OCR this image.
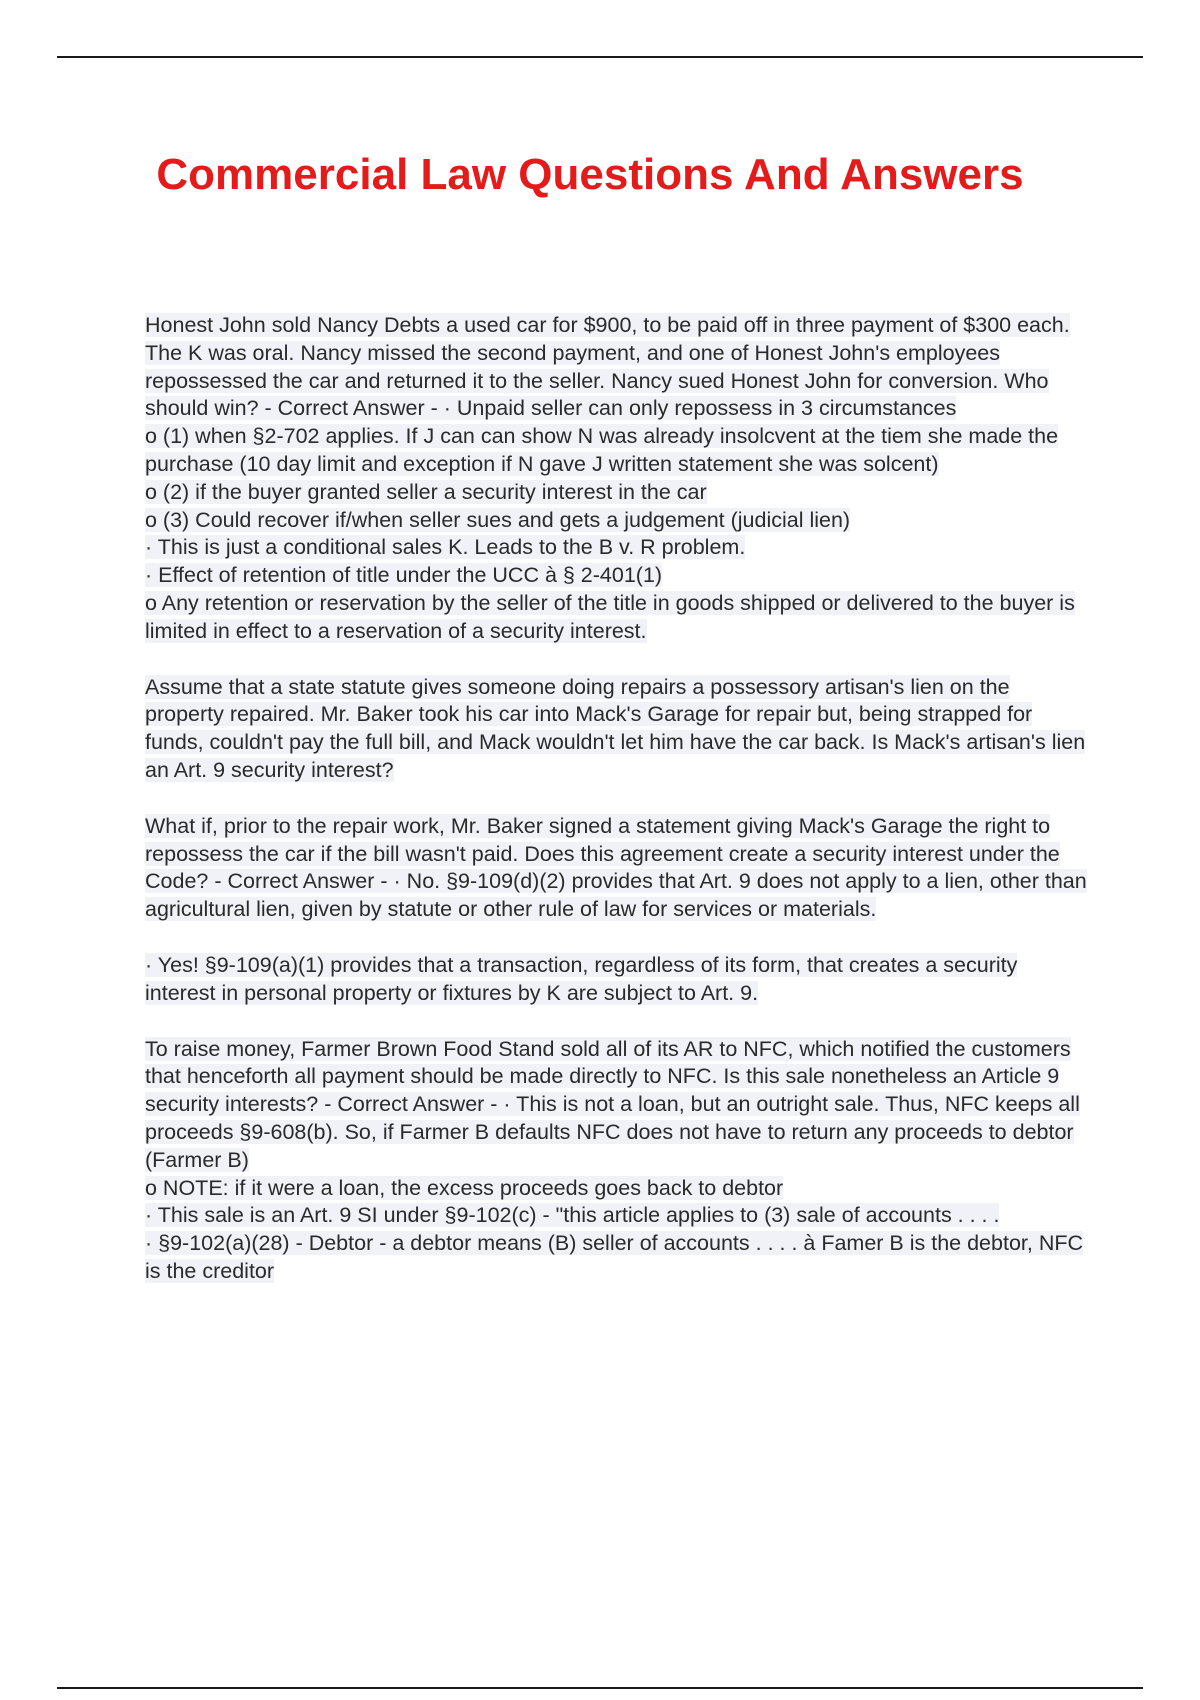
Commercial Law Questions And Answers
Honest John sold Nancy Debts a used car for $900, to be paid off in three payment of $300 each. The K was oral. Nancy missed the second payment, and one of Honest John's employees repossessed the car and returned it to the seller. Nancy sued Honest John for conversion. Who should win? - Correct Answer - · Unpaid seller can only repossess in 3 circumstances
o (1) when §2-702 applies. If J can can show N was already insolcvent at the tiem she made the purchase (10 day limit and exception if N gave J written statement she was solcent)
o (2) if the buyer granted seller a security interest in the car
o (3) Could recover if/when seller sues and gets a judgement (judicial lien)
· This is just a conditional sales K. Leads to the B v. R problem.
· Effect of retention of title under the UCC à § 2-401(1)
o Any retention or reservation by the seller of the title in goods shipped or delivered to the buyer is limited in effect to a reservation of a security interest.
Assume that a state statute gives someone doing repairs a possessory artisan's lien on the property repaired. Mr. Baker took his car into Mack's Garage for repair but, being strapped for funds, couldn't pay the full bill, and Mack wouldn't let him have the car back. Is Mack's artisan's lien an Art. 9 security interest?
What if, prior to the repair work, Mr. Baker signed a statement giving Mack's Garage the right to repossess the car if the bill wasn't paid. Does this agreement create a security interest under the Code? - Correct Answer - · No. §9-109(d)(2) provides that Art. 9 does not apply to a lien, other than agricultural lien, given by statute or other rule of law for services or materials.
· Yes! §9-109(a)(1) provides that a transaction, regardless of its form, that creates a security interest in personal property or fixtures by K are subject to Art. 9.
To raise money, Farmer Brown Food Stand sold all of its AR to NFC, which notified the customers that henceforth all payment should be made directly to NFC. Is this sale nonetheless an Article 9 security interests? - Correct Answer - · This is not a loan, but an outright sale. Thus, NFC keeps all proceeds §9-608(b). So, if Farmer B defaults NFC does not have to return any proceeds to debtor (Farmer B)
o NOTE: if it were a loan, the excess proceeds goes back to debtor
· This sale is an Art. 9 SI under §9-102(c) - "this article applies to (3) sale of accounts . . . .
· §9-102(a)(28) - Debtor - a debtor means (B) seller of accounts . . . . à Famer B is the debtor, NFC is the creditor
